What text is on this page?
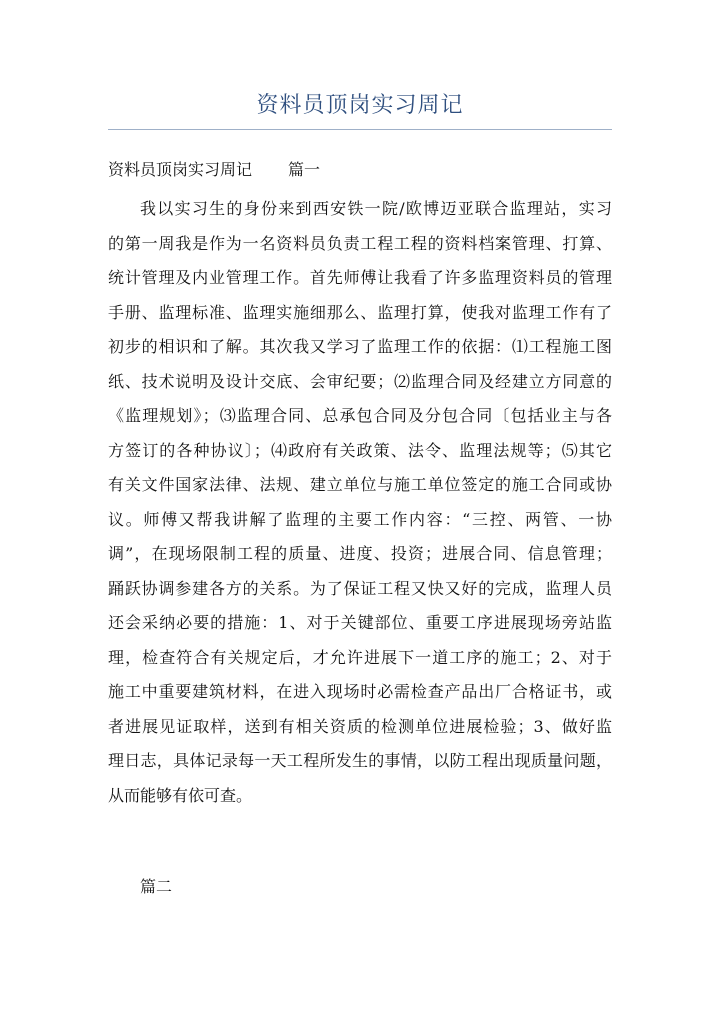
资料员顶岗实习周记
资料员顶岗实习周记 篇一
我以实习生的身份来到西安铁一院/欧博迈亚联合监理站，实习
的第一周我是作为一名资料员负责工程工程的资料档案管理、打算、
统计管理及内业管理工作。首先师傅让我看了许多监理资料员的管理
手册、监理标准、监理实施细那么、监理打算，使我对监理工作有了
初步的相识和了解。其次我又学习了监理工作的依据：⑴工程施工图
纸、技术说明及设计交底、会审纪要；⑵监理合同及经建立方同意的
《监理规划》；⑶监理合同、总承包合同及分包合同〔包括业主与各
方签订的各种协议〕；⑷政府有关政策、法令、监理法规等；⑸其它
有关文件国家法律、法规、建立单位与施工单位签定的施工合同或协
议。师傅又帮我讲解了监理的主要工作内容：“三控、两管、一协
调”，在现场限制工程的质量、进度、投资；进展合同、信息管理；
踊跃协调参建各方的关系。为了保证工程又快又好的完成，监理人员
还会采纳必要的措施：1、对于关键部位、重要工序进展现场旁站监
理，检查符合有关规定后，才允许进展下一道工序的施工；2、对于
施工中重要建筑材料，在进入现场时必需检查产品出厂合格证书，或
者进展见证取样，送到有相关资质的检测单位进展检验；3、做好监
理日志，具体记录每一天工程所发生的事情，以防工程出现质量问题，
从而能够有依可查。
篇二
